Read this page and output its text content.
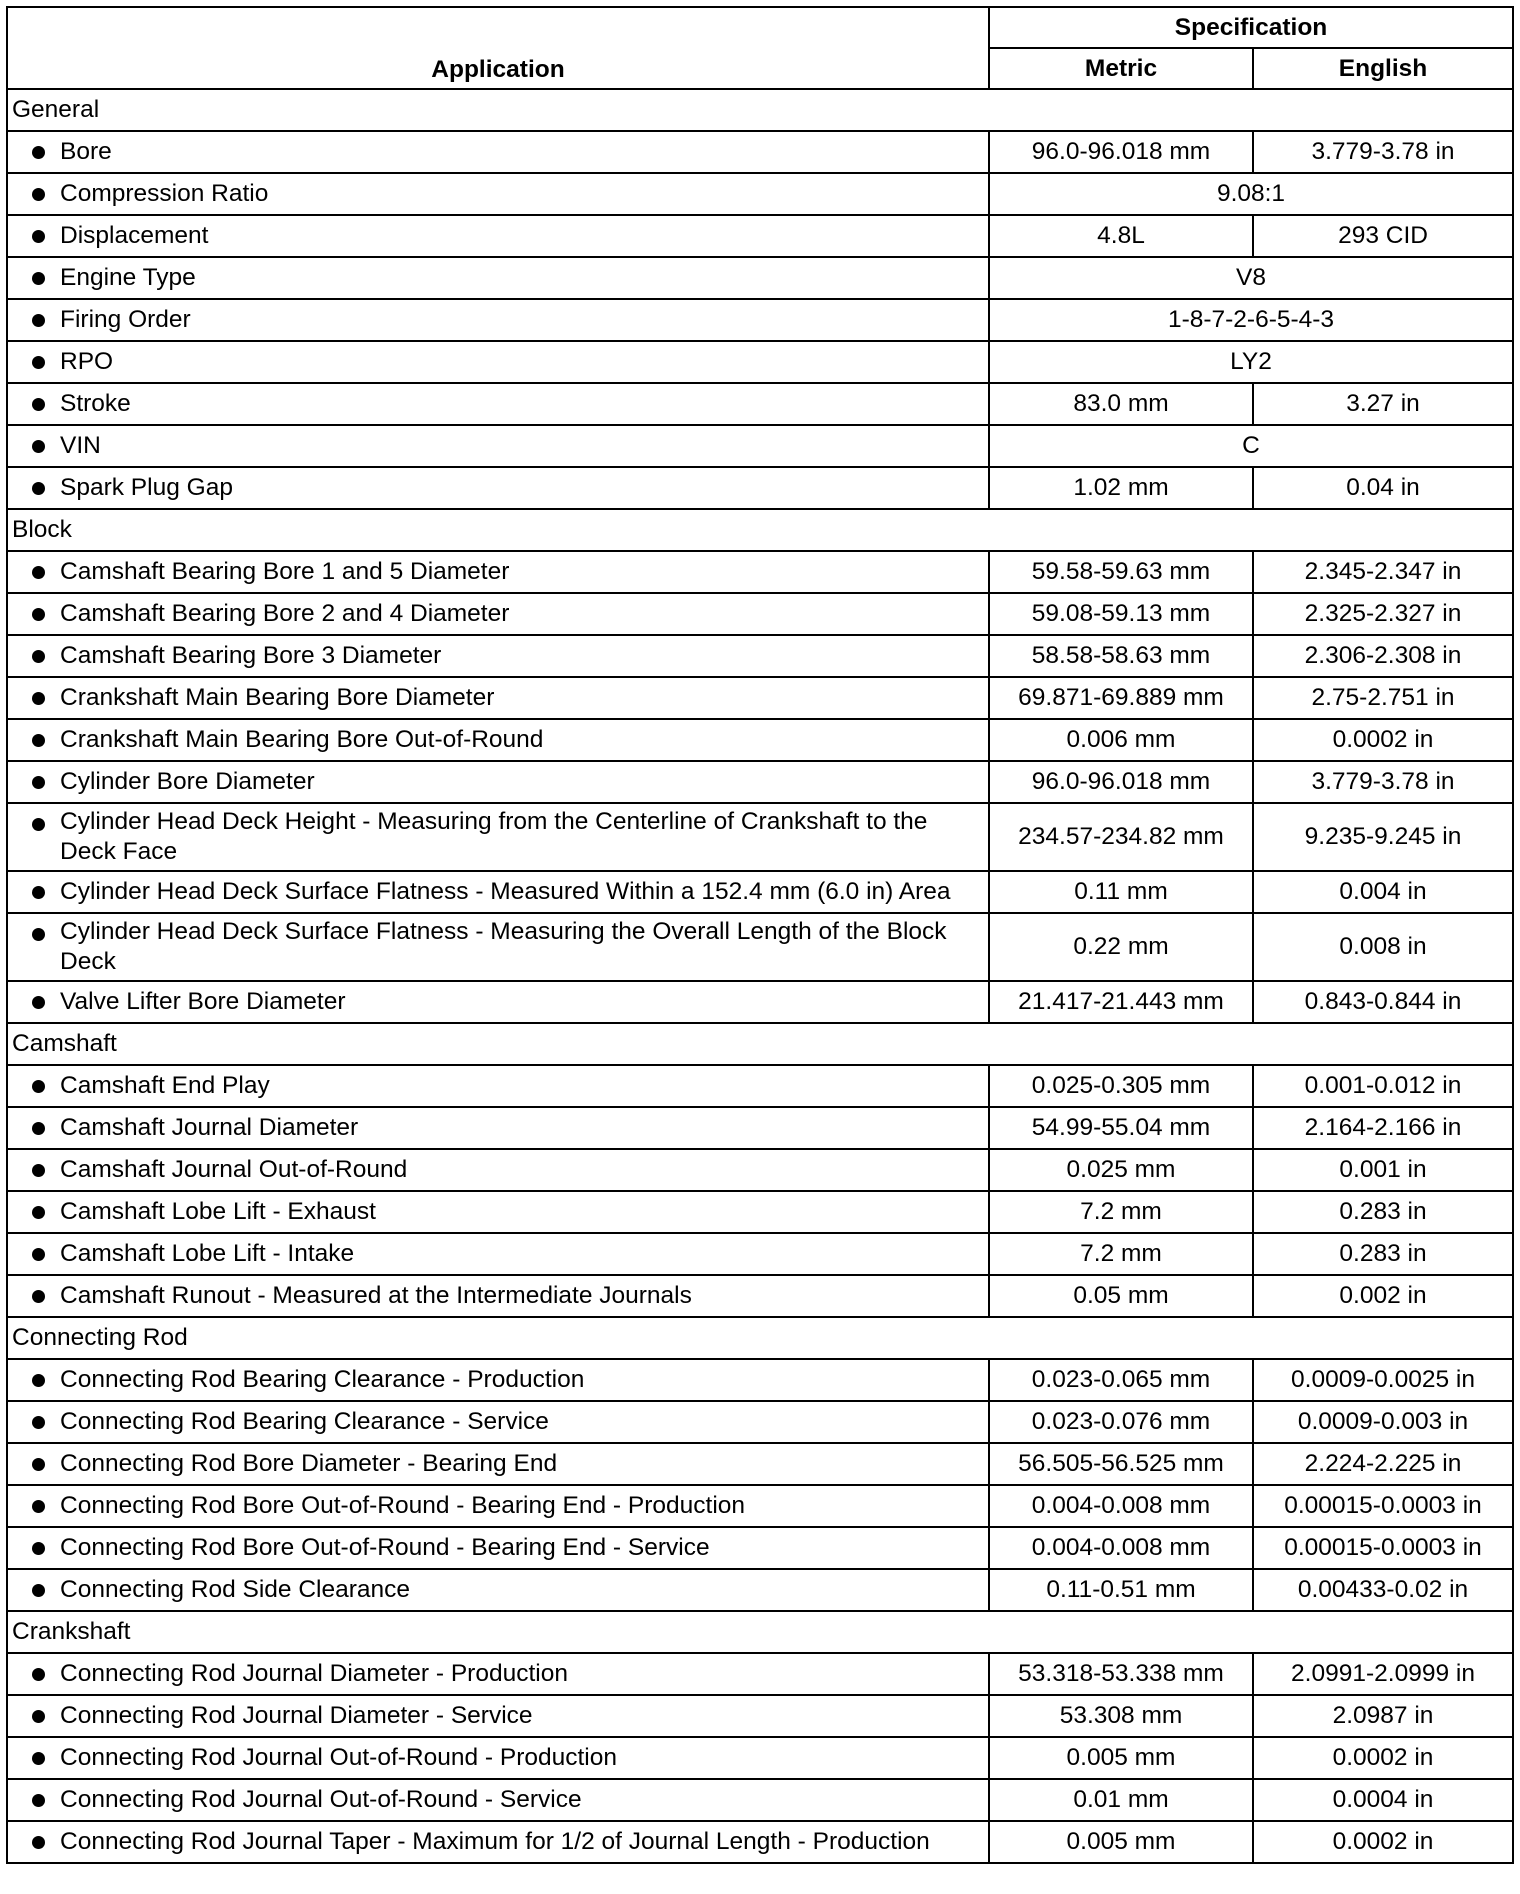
Application	Specification	
	Metric	English
General		

Bore	96.0-96.018 mm	3.779-3.78 in

Compression Ratio	9.08:1	

Displacement	4.8L	293 CID

Engine Type	V8	

Firing Order	1-8-7-2-6-5-4-3	

RPO	LY2	

Stroke	83.0 mm	3.27 in

VIN	C	

Spark Plug Gap	1.02 mm	0.04 in
Block		

Camshaft Bearing Bore 1 and 5 Diameter	59.58-59.63 mm	2.345-2.347 in

Camshaft Bearing Bore 2 and 4 Diameter	59.08-59.13 mm	2.325-2.327 in

Camshaft Bearing Bore 3 Diameter	58.58-58.63 mm	2.306-2.308 in

Crankshaft Main Bearing Bore Diameter	69.871-69.889 mm	2.75-2.751 in

Crankshaft Main Bearing Bore Out-of-Round	0.006 mm	0.0002 in

Cylinder Bore Diameter	96.0-96.018 mm	3.779-3.78 in

Cylinder Head Deck Height - Measuring from the Centerline of Crankshaft to the Deck Face	234.57-234.82 mm	9.235-9.245 in

Cylinder Head Deck Surface Flatness - Measured Within a 152.4 mm (6.0 in) Area	0.11 mm	0.004 in

Cylinder Head Deck Surface Flatness - Measuring the Overall Length of the Block Deck	0.22 mm	0.008 in

Valve Lifter Bore Diameter	21.417-21.443 mm	0.843-0.844 in
Camshaft		

Camshaft End Play	0.025-0.305 mm	0.001-0.012 in

Camshaft Journal Diameter	54.99-55.04 mm	2.164-2.166 in

Camshaft Journal Out-of-Round	0.025 mm	0.001 in

Camshaft Lobe Lift - Exhaust	7.2 mm	0.283 in

Camshaft Lobe Lift - Intake	7.2 mm	0.283 in

Camshaft Runout - Measured at the Intermediate Journals	0.05 mm	0.002 in
Connecting Rod		

Connecting Rod Bearing Clearance - Production	0.023-0.065 mm	0.0009-0.0025 in

Connecting Rod Bearing Clearance - Service	0.023-0.076 mm	0.0009-0.003 in

Connecting Rod Bore Diameter - Bearing End	56.505-56.525 mm	2.224-2.225 in

Connecting Rod Bore Out-of-Round - Bearing End - Production	0.004-0.008 mm	0.00015-0.0003 in

Connecting Rod Bore Out-of-Round - Bearing End - Service	0.004-0.008 mm	0.00015-0.0003 in

Connecting Rod Side Clearance	0.11-0.51 mm	0.00433-0.02 in
Crankshaft		

Connecting Rod Journal Diameter - Production	53.318-53.338 mm	2.0991-2.0999 in

Connecting Rod Journal Diameter - Service	53.308 mm	2.0987 in

Connecting Rod Journal Out-of-Round - Production	0.005 mm	0.0002 in

Connecting Rod Journal Out-of-Round - Service	0.01 mm	0.0004 in

Connecting Rod Journal Taper - Maximum for 1/2 of Journal Length - Production	0.005 mm	0.0002 in
